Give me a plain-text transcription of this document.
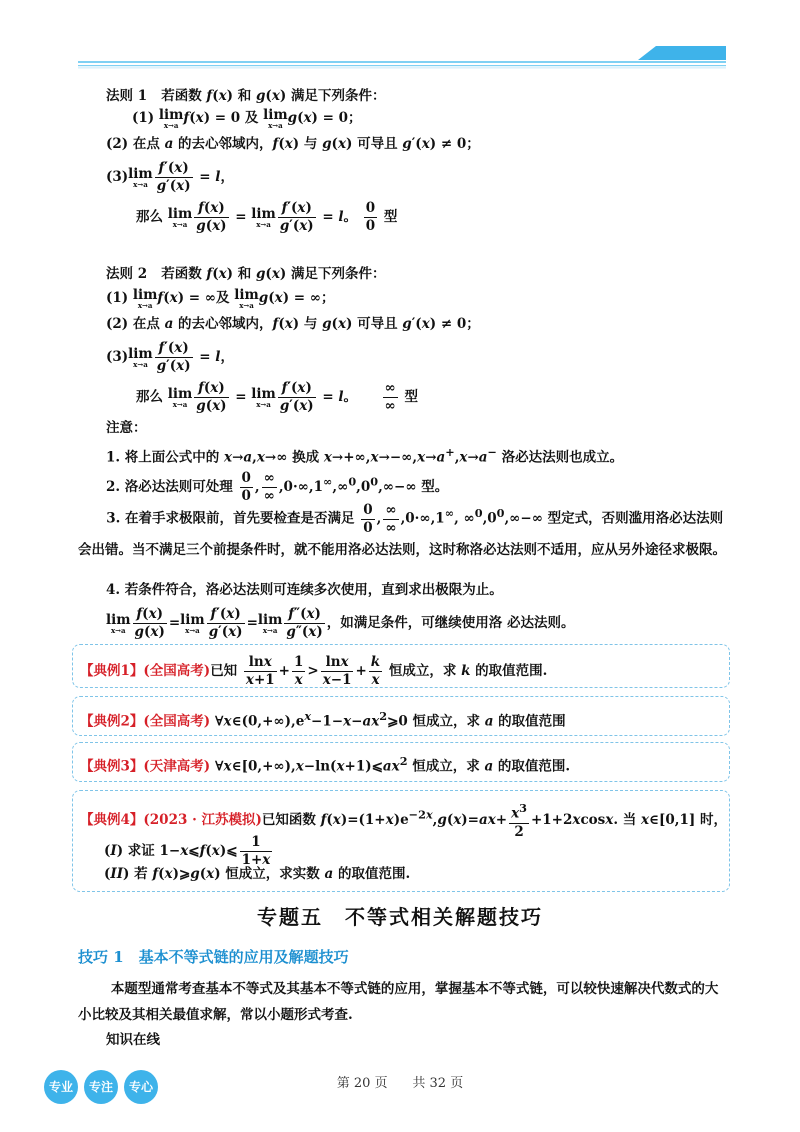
法则 1   若函数 f(x) 和 g(x) 满足下列条件：
(1) lim
x→a f(x) = 0 及 lim
x→a g(x) = 0；
(2) 在点 a 的去心邻域内，f(x) 与 g(x) 可导且 g′(x) ≠ 0；
(3)lim
$x\to a \frac{f'(x)}{g'(x)} = l$，
那么 lim
$x\to a \frac{f(x)}{g(x)} = \lim$
$x\to a \frac{f'(x)}{g'(x)} = l$。 $\frac{0}{0}$ 型
法则 2   若函数 f(x) 和 g(x) 满足下列条件：
(1) lim
x→a f(x) = ∞及 lim
x→a g(x) = ∞；
(2) 在点 a 的去心邻域内，f(x) 与 g(x) 可导且 g′(x) ≠ 0；
(3)lim
$x\to a \frac{f'(x)}{g'(x)} = l$，
那么 lim
$x\to a \frac{f(x)}{g(x)} = \lim$
$x\to a \frac{f'(x)}{g'(x)} = l$。 $\frac{\infty}{\infty}$ 型
注意：
1. 将上面公式中的 x→a,x→∞ 换成 x→+∞,x→−∞,x→a+,x→a− 洛必达法则也成立。
2. 洛必达法则可处理 $\frac{0}{0}$ , $\frac{\infty}{\infty} ,0\cdot\infty,1^\infty,\infty^0,0^0,\infty-\infty$ 型。
3. 在着手求极限前，首先要检查是否满足 $\frac{0}{0}$ , $\frac{\infty}{\infty} ,0\cdot\infty,1^\infty$, $\infty^0,0^0,\infty-\infty$ 型定式，否则滥用洛必达法则会出错。当不满足三个前提条件时，就不能用洛必达法则，这时称洛必达法则不适用，应从另外途径求极限。
4. 若条件符合，洛必达法则可连续多次使用，直到求出极限为止。
lim
$x\to a \frac{f(x)}{g(x)} =\lim$
$x\to a \frac{f'(x)}{g'(x)} =\lim$
$x\to a \frac{f''(x)}{g''(x)}$ ，如满足条件，可继续使用洛 必达法则。
【典例1】(全国高考)已知 $\frac{\ln x}{x+1} + \frac{1}{x} > \frac{\ln x}{x-1} + \frac{k}{x}$ 恒成立，求 k 的取值范围.
【典例2】(全国高考) $\forall x\in(0,+\infty),e^x-1-x-ax^2⩾0$ 恒成立，求 a 的取值范围
【典例3】(天津高考) $\forall x\in[0,+\infty),x-\ln(x+1)⩽ax^2$ 恒成立，求 a 的取值范围.
【典例4】(2023 · 江苏模拟)已知函数 $f(x)=(1+x)e^{-2x},g(x)=ax+ \frac{x^3}{2} +1+2xcosx$. 当 x∈[0,1] 时，
(I) 求证 1−x⩽f(x)⩽ $\frac{1}{1+x}$
(II) 若 f(x)⩾g(x) 恒成立，求实数 a 的取值范围.
专题五　不等式相关解题技巧
技巧 1　基本不等式链的应用及解题技巧
本题型通常考查基本不等式及其基本不等式链的应用，掌握基本不等式链，可以较快速解决代数式的大小比较及其相关最值求解，常以小题形式考查.
知识在线
专业	专注	专心	第 20 页 共 32 页
